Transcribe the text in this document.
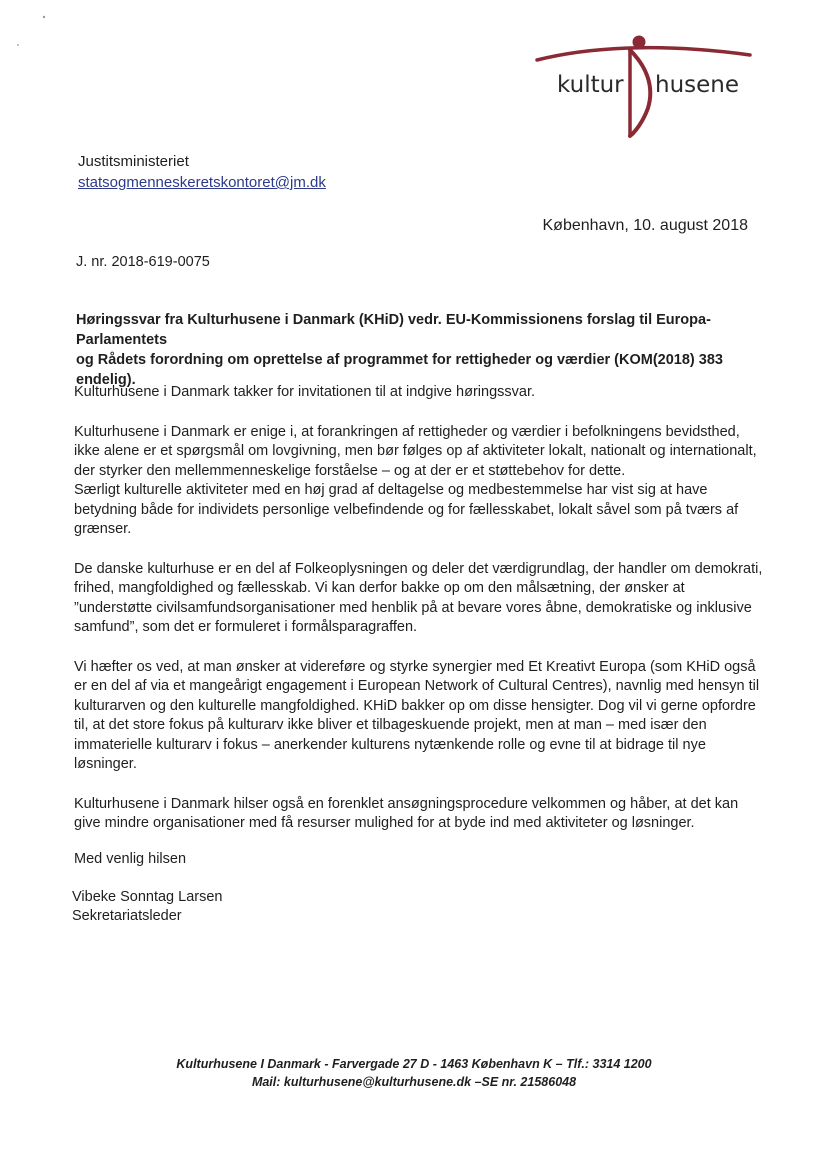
kultur husene
Justitsministeriet
statsogmenneskeretskontoret@jm.dk
København, 10. august 2018
J. nr. 2018-619-0075
Høringssvar fra Kulturhusene i Danmark (KHiD) vedr. EU-Kommissionens forslag til Europa-Parlamentets
og Rådets forordning om oprettelse af programmet for rettigheder og værdier (KOM(2018) 383 endelig).

Kulturhusene i Danmark takker for invitationen til at indgive høringssvar.

Kulturhusene i Danmark er enige i, at forankringen af rettigheder og værdier i befolkningens bevidsthed, ikke alene er et spørgsmål om lovgivning, men bør følges op af aktiviteter lokalt, nationalt og internationalt, der styrker den mellemmenneskelige forståelse – og at der er et støttebehov for dette.

Særligt kulturelle aktiviteter med en høj grad af deltagelse og medbestemmelse har vist sig at have betydning både for individets personlige velbefindende og for fællesskabet, lokalt såvel som på tværs af grænser.

De danske kulturhuse er en del af Folkeoplysningen og deler det værdigrundlag, der handler om demokrati, frihed, mangfoldighed og fællesskab. Vi kan derfor bakke op om den målsætning, der ønsker at ”understøtte civilsamfundsorganisationer med henblik på at bevare vores åbne, demokratiske og inklusive samfund”, som det er formuleret i formålsparagraffen.

Vi hæfter os ved, at man ønsker at videreføre og styrke synergier med Et Kreativt Europa (som KHiD også er en del af via et mangeårigt engagement i European Network of Cultural Centres), navnlig med hensyn til kulturarven og den kulturelle mangfoldighed. KHiD bakker op om disse hensigter. Dog vil vi gerne opfordre til, at det store fokus på kulturarv ikke bliver et tilbageskuende projekt, men at man – med især den immaterielle kulturarv i fokus – anerkender kulturens nytænkende rolle og evne til at bidrage til nye løsninger.

Kulturhusene i Danmark hilser også en forenklet ansøgningsprocedure velkommen og håber, at det kan give mindre organisationer med få resurser mulighed for at byde ind med aktiviteter og løsninger.

Med venlig hilsen
Vibeke Sonntag Larsen
Sekretariatsleder
Kulturhusene I Danmark - Farvergade 27 D - 1463 København K – Tlf.: 3314 1200
Mail: kulturhusene@kulturhusene.dk –SE nr. 21586048
